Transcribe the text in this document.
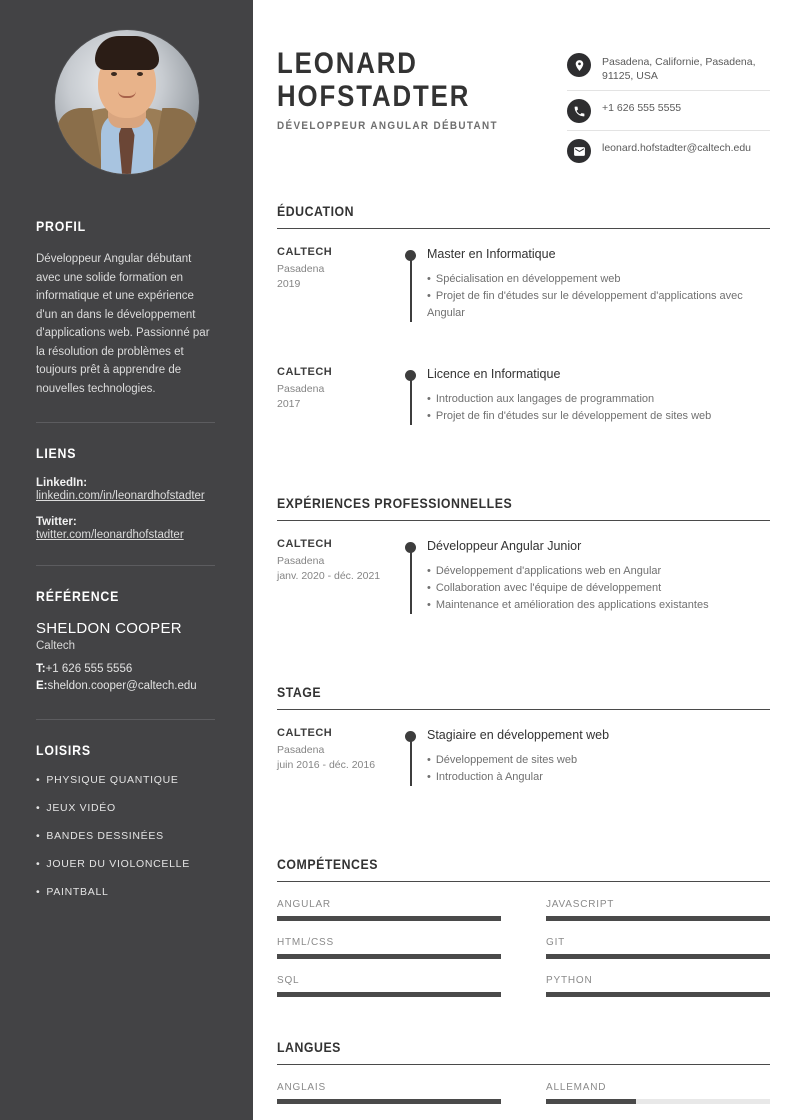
PROFIL

Développeur Angular débutant avec une solide formation en informatique et une expérience d'un an dans le développement d'applications web. Passionné par la résolution de problèmes et toujours prêt à apprendre de nouvelles technologies.

LIENS
LinkedIn:
linkedin.com/in/leonardhofstadter
Twitter:
twitter.com/leonardhofstadter
RÉFÉRENCE
SHELDON COOPER
Caltech
T:+1 626 555 5556
E:sheldon.cooper@caltech.edu
LOISIRS
• PHYSIQUE QUANTIQUE
• JEUX VIDÉO
• BANDES DESSINÉES
• JOUER DU VIOLONCELLE
• PAINTBALL
LEONARD
HOFSTADTER
DÉVELOPPEUR ANGULAR DÉBUTANT
Pasadena, Californie, Pasadena, 91125, USA
+1 626 555 5555
leonard.hofstadter@caltech.edu
ÉDUCATION
CALTECH
Pasadena
2019
Master en Informatique
• Spécialisation en développement web
• Projet de fin d'études sur le développement d'applications avec Angular
CALTECH
Pasadena
2017
Licence en Informatique
• Introduction aux langages de programmation
• Projet de fin d'études sur le développement de sites web
EXPÉRIENCES PROFESSIONNELLES
CALTECH
Pasadena
janv. 2020 - déc. 2021
Développeur Angular Junior
• Développement d'applications web en Angular
• Collaboration avec l'équipe de développement
• Maintenance et amélioration des applications existantes
STAGE
CALTECH
Pasadena
juin 2016 - déc. 2016
Stagiaire en développement web
• Développement de sites web
• Introduction à Angular
COMPÉTENCES
ANGULAR	JAVASCRIPT
HTML/CSS	GIT
SQL	PYTHON
LANGUES
ANGLAIS	ALLEMAND
